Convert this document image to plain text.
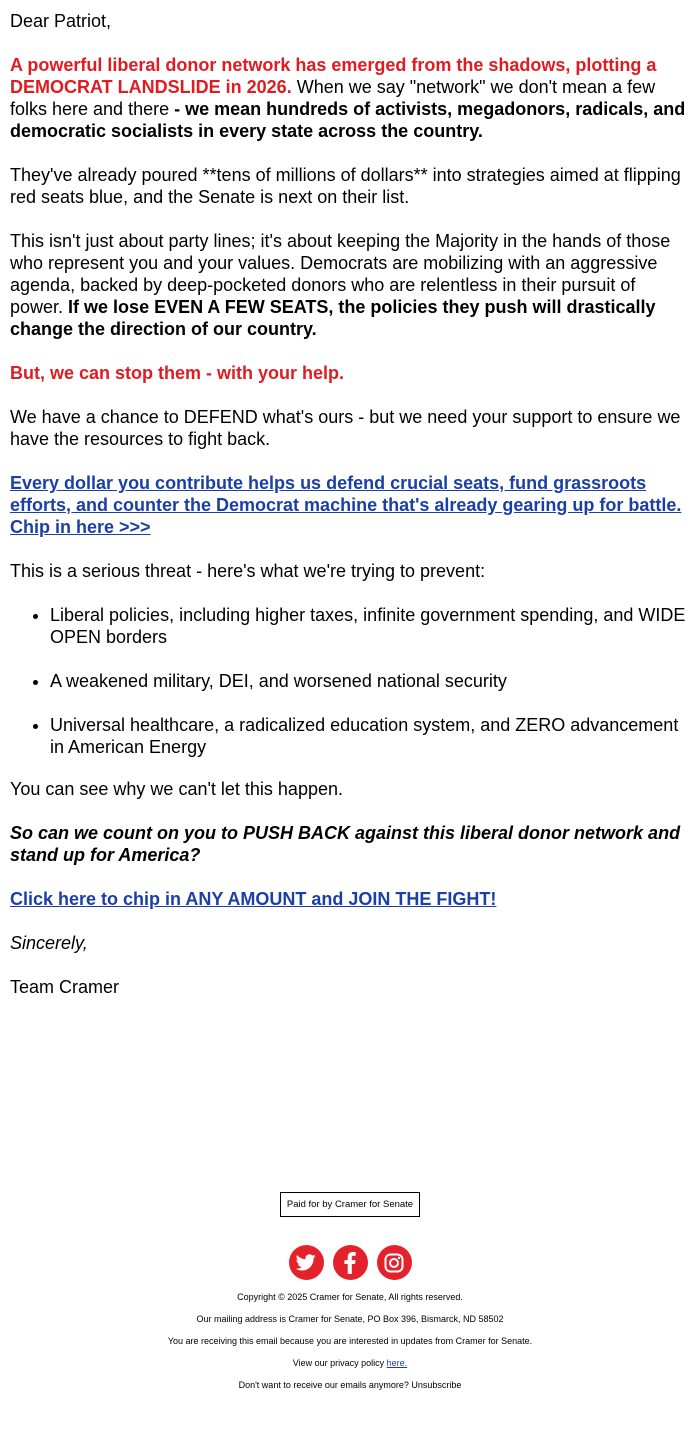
Dear Patriot,

A powerful liberal donor network has emerged from the shadows, plotting a DEMOCRAT LANDSLIDE in 2026. When we say "network" we don't mean a few folks here and there - we mean hundreds of activists, megadonors, radicals, and democratic socialists in every state across the country.

They've already poured **tens of millions of dollars** into strategies aimed at flipping red seats blue, and the Senate is next on their list.

This isn't just about party lines; it's about keeping the Majority in the hands of those who represent you and your values. Democrats are mobilizing with an aggressive agenda, backed by deep-pocketed donors who are relentless in their pursuit of power. If we lose EVEN A FEW SEATS, the policies they push will drastically change the direction of our country.

But, we can stop them - with your help.

We have a chance to DEFEND what's ours - but we need your support to ensure we have the resources to fight back.

Every dollar you contribute helps us defend crucial seats, fund grassroots efforts, and counter the Democrat machine that's already gearing up for battle. Chip in here >>>

This is a serious threat - here's what we're trying to prevent:

• Liberal policies, including higher taxes, infinite government spending, and WIDE OPEN borders
• A weakened military, DEI, and worsened national security
• Universal healthcare, a radicalized education system, and ZERO advancement in American Energy

You can see why we can't let this happen.

So can we count on you to PUSH BACK against this liberal donor network and stand up for America?

Click here to chip in ANY AMOUNT and JOIN THE FIGHT!

Sincerely,

Team Cramer

Paid for by Cramer for Senate
Copyright © 2025 Cramer for Senate, All rights reserved.
Our mailing address is Cramer for Senate, PO Box 396, Bismarck, ND 58502
You are receiving this email because you are interested in updates from Cramer for Senate.
View our privacy policy here.
Don't want to receive our emails anymore? Unsubscribe
